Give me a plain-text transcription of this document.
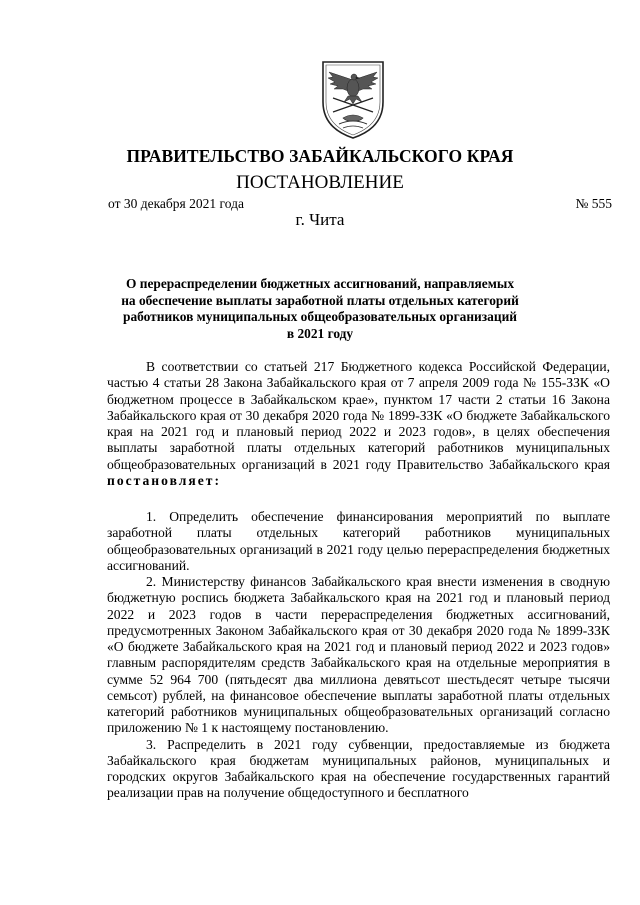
ПРАВИТЕЛЬСТВО ЗАБАЙКАЛЬСКОГО КРАЯ
ПОСТАНОВЛЕНИЕ
от 30 декабря 2021 года	№ 555
г. Чита
О перераспределении бюджетных ассигнований, направляемых
на обеспечение выплаты заработной платы отдельных категорий
работников муниципальных общеобразовательных организаций
в 2021 году

В соответствии со статьей 217 Бюджетного кодекса Российской Федерации, частью 4 статьи 28 Закона Забайкальского края от 7 апреля 2009 года № 155-ЗЗК «О бюджетном процессе в Забайкальском крае», пунктом 17 части 2 статьи 16 Закона Забайкальского края от 30 декабря 2020 года № 1899-ЗЗК «О бюджете Забайкальского края на 2021 год и плановый период 2022 и 2023 годов», в целях обеспечения выплаты заработной платы отдельных категорий работников муниципальных общеобразовательных организаций в 2021 году Правительство Забайкальского края постановляет:

1. Определить обеспечение финансирования мероприятий по выплате заработной платы отдельных категорий работников муниципальных общеобразовательных организаций в 2021 году целью перераспределения бюджетных ассигнований.

2. Министерству финансов Забайкальского края внести изменения в сводную бюджетную роспись бюджета Забайкальского края на 2021 год и плановый период 2022 и 2023 годов в части перераспределения бюджетных ассигнований, предусмотренных Законом Забайкальского края от 30 декабря 2020 года № 1899-ЗЗК «О бюджете Забайкальского края на 2021 год и плановый период 2022 и 2023 годов» главным распорядителям средств Забайкальского края на отдельные мероприятия в сумме 52 964 700 (пятьдесят два миллиона девятьсот шестьдесят четыре тысячи семьсот) рублей, на финансовое обеспечение выплаты заработной платы отдельных категорий работников муниципальных общеобразовательных организаций согласно приложению № 1 к настоящему постановлению.

3. Распределить в 2021 году субвенции, предоставляемые из бюджета Забайкальского края бюджетам муниципальных районов, муниципальных и городских округов Забайкальского края на обеспечение государственных гарантий реализации прав на получение общедоступного и бесплатного
